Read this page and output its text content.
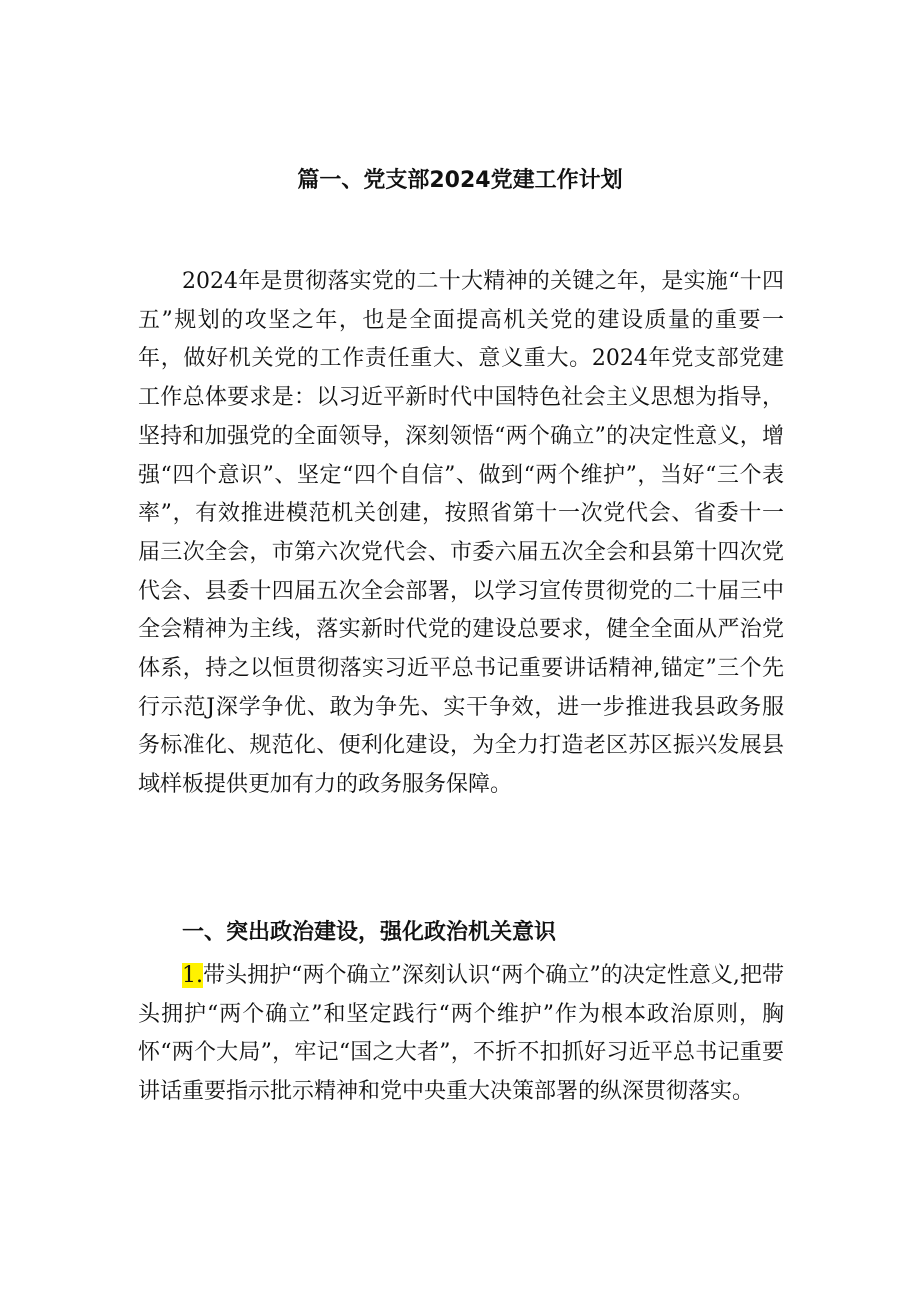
篇一、党支部2024党建工作计划

2024年是贯彻落实党的二十大精神的关键之年，是实施“十四五”规划的攻坚之年，也是全面提高机关党的建设质量的重要一年，做好机关党的工作责任重大、意义重大。2024年党支部党建工作总体要求是：以习近平新时代中国特色社会主义思想为指导，坚持和加强党的全面领导，深刻领悟“两个确立”的决定性意义，增强“四个意识”、坚定“四个自信”、做到“两个维护”，当好“三个表率”，有效推进模范机关创建，按照省第十一次党代会、省委十一届三次全会，市第六次党代会、市委六届五次全会和县第十四次党代会、县委十四届五次全会部署，以学习宣传贯彻党的二十届三中全会精神为主线，落实新时代党的建设总要求，健全全面从严治党体系，持之以恒贯彻落实习近平总书记重要讲话精神,锚定”三个先行示范J深学争优、敢为争先、实干争效，进一步推进我县政务服务标准化、规范化、便利化建设，为全力打造老区苏区振兴发展县域样板提供更加有力的政务服务保障。

一、突出政治建设，强化政治机关意识

1.带头拥护“两个确立”深刻认识“两个确立”的决定性意义,把带头拥护“两个确立”和坚定践行“两个维护”作为根本政治原则，胸怀“两个大局”，牢记“国之大者”，不折不扣抓好习近平总书记重要讲话重要指示批示精神和党中央重大决策部署的纵深贯彻落实。
